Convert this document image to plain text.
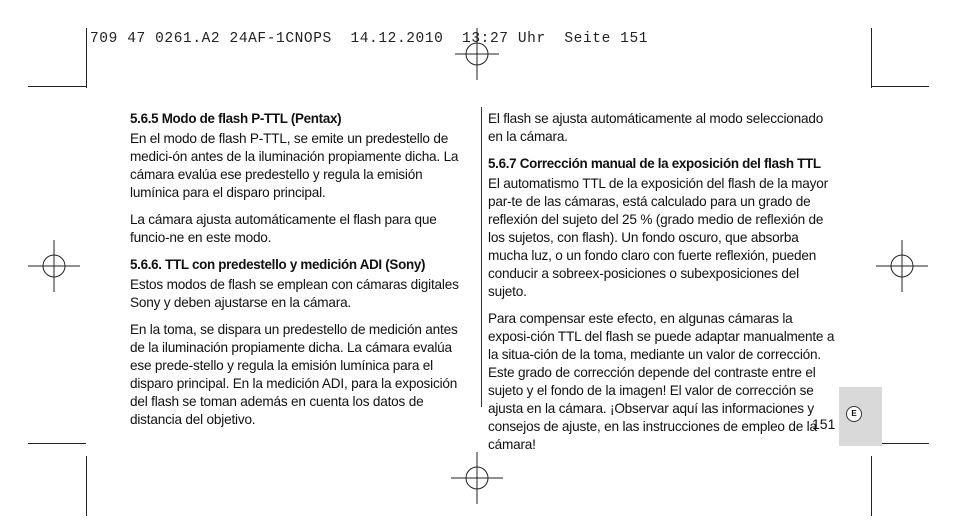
709 47 0261.A2 24AF-1CNOPS  14.12.2010  13:27 Uhr  Seite 151
5.6.5 Modo de flash P-TTL (Pentax)

En el modo de flash P-TTL, se emite un predestello de medici-ón antes de la iluminación propiamente dicha. La cámara evalúa ese predestello y regula la emisión lumínica para el disparo principal.

La cámara ajusta automáticamente el flash para que funcio-ne en este modo.

5.6.6. TTL con predestello y medición ADI (Sony)

Estos modos de flash se emplean con cámaras digitales Sony y deben ajustarse en la cámara.

En la toma, se dispara un predestello de medición antes de la iluminación propiamente dicha. La cámara evalúa ese prede-stello y regula la emisión lumínica para el disparo principal. En la medición ADI, para la exposición del flash se toman además en cuenta los datos de distancia del objetivo.

El flash se ajusta automáticamente al modo seleccionado en la cámara.

5.6.7 Corrección manual de la exposición del flash TTL

El automatismo TTL de la exposición del flash de la mayor par-te de las cámaras, está calculado para un grado de reflexión del sujeto del 25 % (grado medio de reflexión de los sujetos, con flash). Un fondo oscuro, que absorba mucha luz, o un fondo claro con fuerte reflexión, pueden conducir a sobreex-posiciones o subexposiciones del sujeto.

Para compensar este efecto, en algunas cámaras la exposi-ción TTL del flash se puede adaptar manualmente a la situa-ción de la toma, mediante un valor de corrección. Este grado de corrección depende del contraste entre el sujeto y el fondo de la imagen! El valor de corrección se ajusta en la cámara. ¡Observar aquí las informaciones y consejos de ajuste, en las instrucciones de empleo de la cámara!

E
151
